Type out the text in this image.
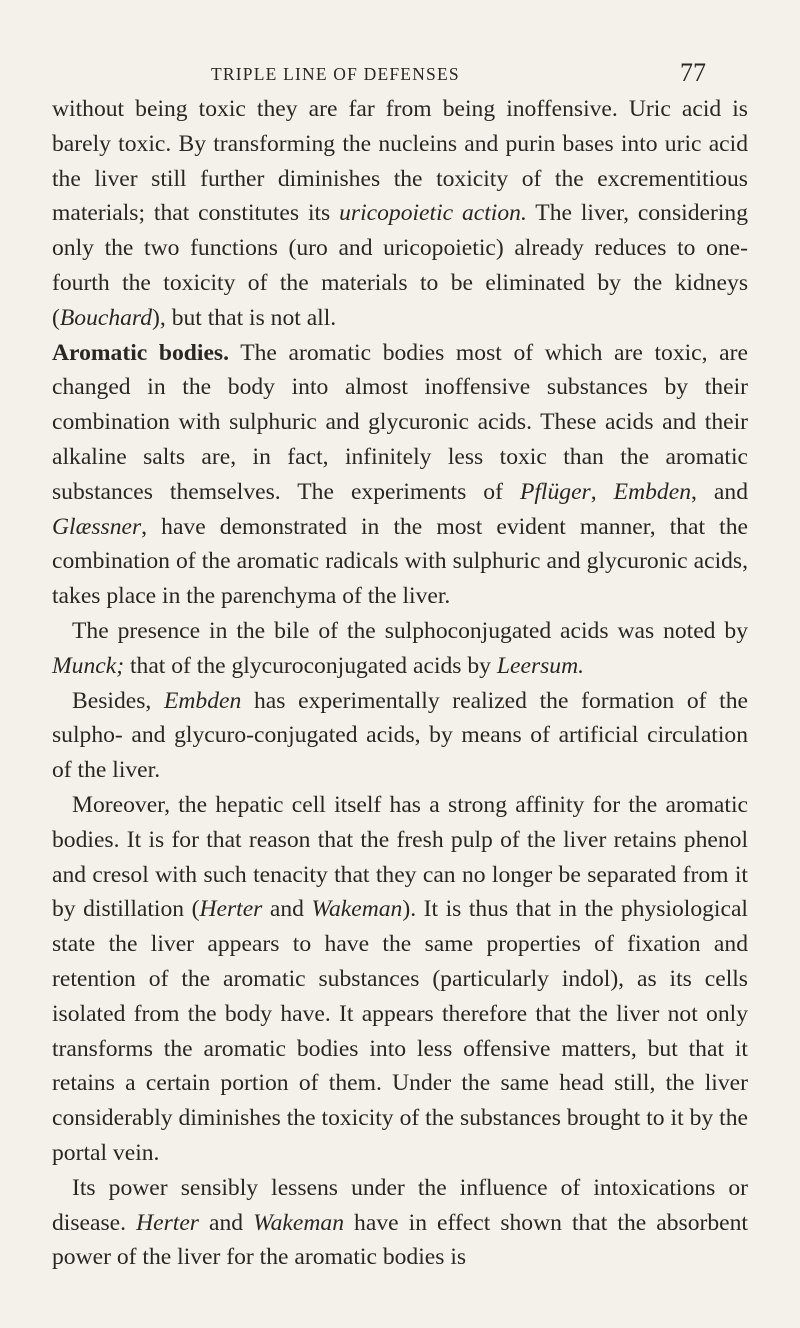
TRIPLE LINE OF DEFENSES	77

without being toxic they are far from being inoffensive. Uric acid is barely toxic. By transforming the nucleins and purin bases into uric acid the liver still further diminishes the toxicity of the excrementitious materials; that constitutes its uricopoietic action. The liver, considering only the two functions (uro and uricopoietic) already reduces to one-fourth the toxicity of the materials to be eliminated by the kidneys (Bouchard), but that is not all.

Aromatic bodies. The aromatic bodies most of which are toxic, are changed in the body into almost inoffensive substances by their combination with sulphuric and glycuronic acids. These acids and their alkaline salts are, in fact, infinitely less toxic than the aromatic substances themselves. The experiments of Pflüger, Embden, and Glæssner, have demonstrated in the most evident manner, that the combination of the aromatic radicals with sulphuric and glycuronic acids, takes place in the parenchyma of the liver.

The presence in the bile of the sulphoconjugated acids was noted by Munck; that of the glycuroconjugated acids by Leersum.

Besides, Embden has experimentally realized the formation of the sulpho- and glycuro-conjugated acids, by means of artificial circulation of the liver.

Moreover, the hepatic cell itself has a strong affinity for the aromatic bodies. It is for that reason that the fresh pulp of the liver retains phenol and cresol with such tenacity that they can no longer be separated from it by distillation (Herter and Wakeman). It is thus that in the physiological state the liver appears to have the same properties of fixation and retention of the aromatic substances (particularly indol), as its cells isolated from the body have. It appears therefore that the liver not only transforms the aromatic bodies into less offensive matters, but that it retains a certain portion of them. Under the same head still, the liver considerably diminishes the toxicity of the substances brought to it by the portal vein.

Its power sensibly lessens under the influence of intoxications or disease. Herter and Wakeman have in effect shown that the absorbent power of the liver for the aromatic bodies is
